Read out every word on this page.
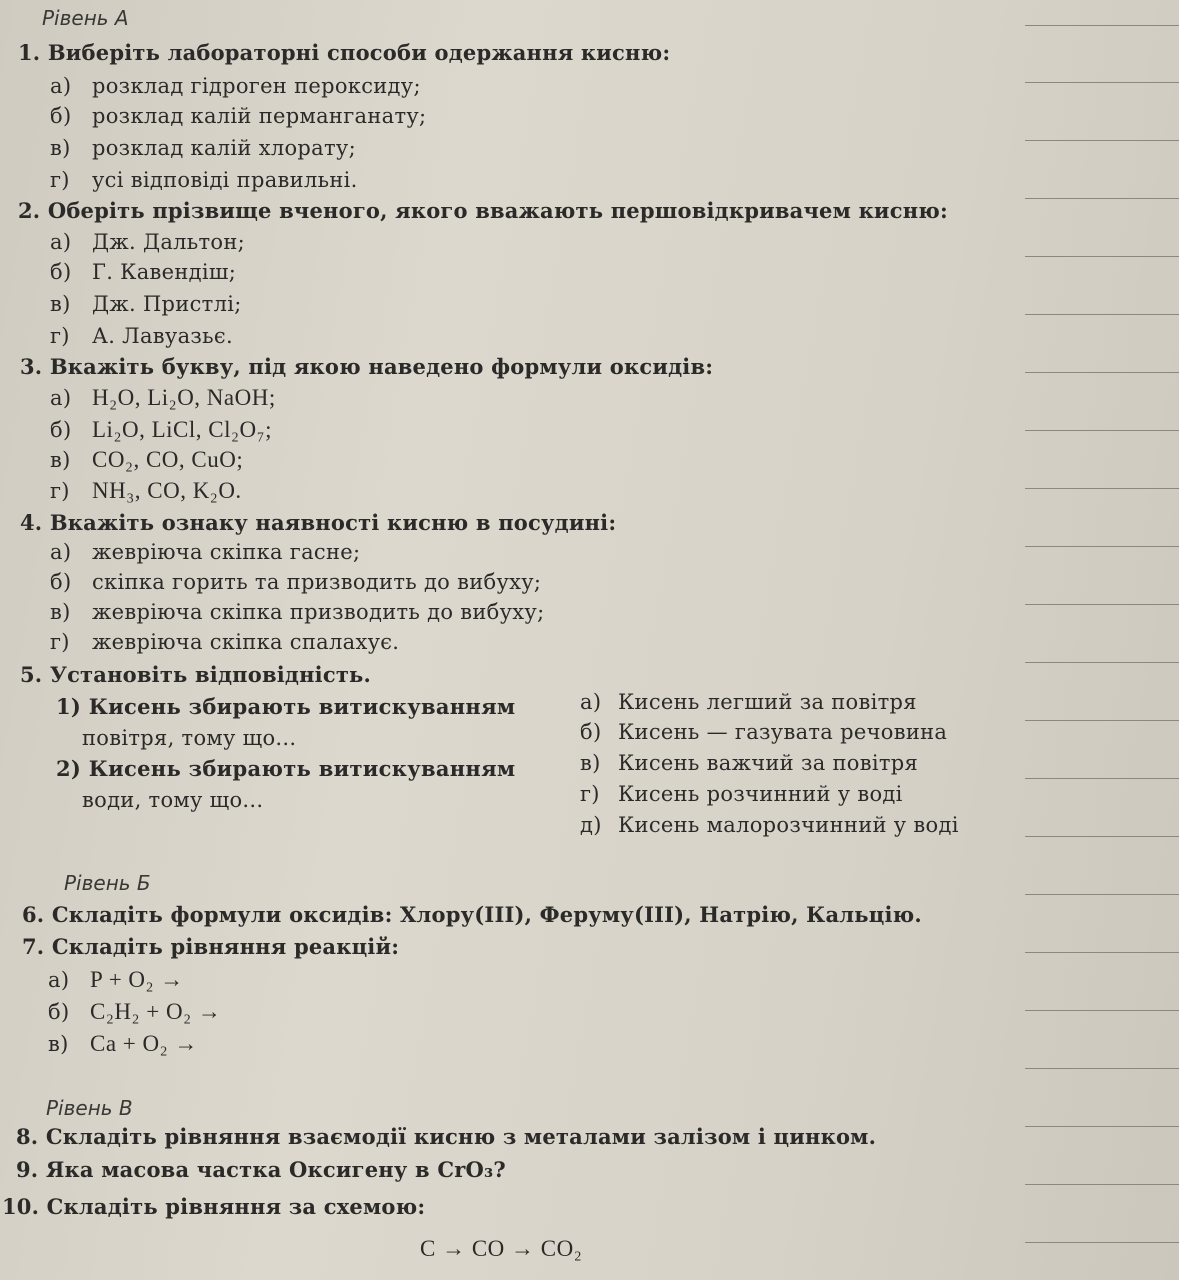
Рівень А
1. Виберіть лабораторні способи одержання кисню:
а) розклад гідроген пероксиду;
б) розклад калій перманганату;
в) розклад калій хлорату;
г) усі відповіді правильні.
2. Оберіть прізвище вченого, якого вважають першовідкривачем кисню:
а) Дж. Дальтон;
б) Г. Кавендіш;
в) Дж. Пристлі;
г) А. Лавуазьє.
3. Вкажіть букву, під якою наведено формули оксидів:
а) H₂O, Li₂O, NaOH;
б) Li₂O, LiCl, Cl₂O₇;
в) CO₂, CO, CuO;
г) NH₃, CO, K₂O.
4. Вкажіть ознаку наявності кисню в посудині:
а) жевріюча скіпка гасне;
б) скіпка горить та призводить до вибуху;
в) жевріюча скіпка призводить до вибуху;
г) жевріюча скіпка спалахує.
5. Установіть відповідність.
1) Кисень збирають витискуванням
повітря, тому що...
2) Кисень збирають витискуванням
води, тому що...
а) Кисень легший за повітря
б) Кисень — газувата речовина
в) Кисень важчий за повітря
г) Кисень розчинний у воді
д) Кисень малорозчинний у воді
Рівень Б
6. Складіть формули оксидів: Хлору(III), Феруму(III), Натрію, Кальцію.
7. Складіть рівняння реакцій:
а) P + O₂ →
б) C₂H₂ + O₂ →
в) Ca + O₂ →
Рівень В
8. Складіть рівняння взаємодії кисню з металами залізом і цинком.
9. Яка масова частка Оксигену в CrO₃?
10. Складіть рівняння за схемою:
C → CO → CO₂
